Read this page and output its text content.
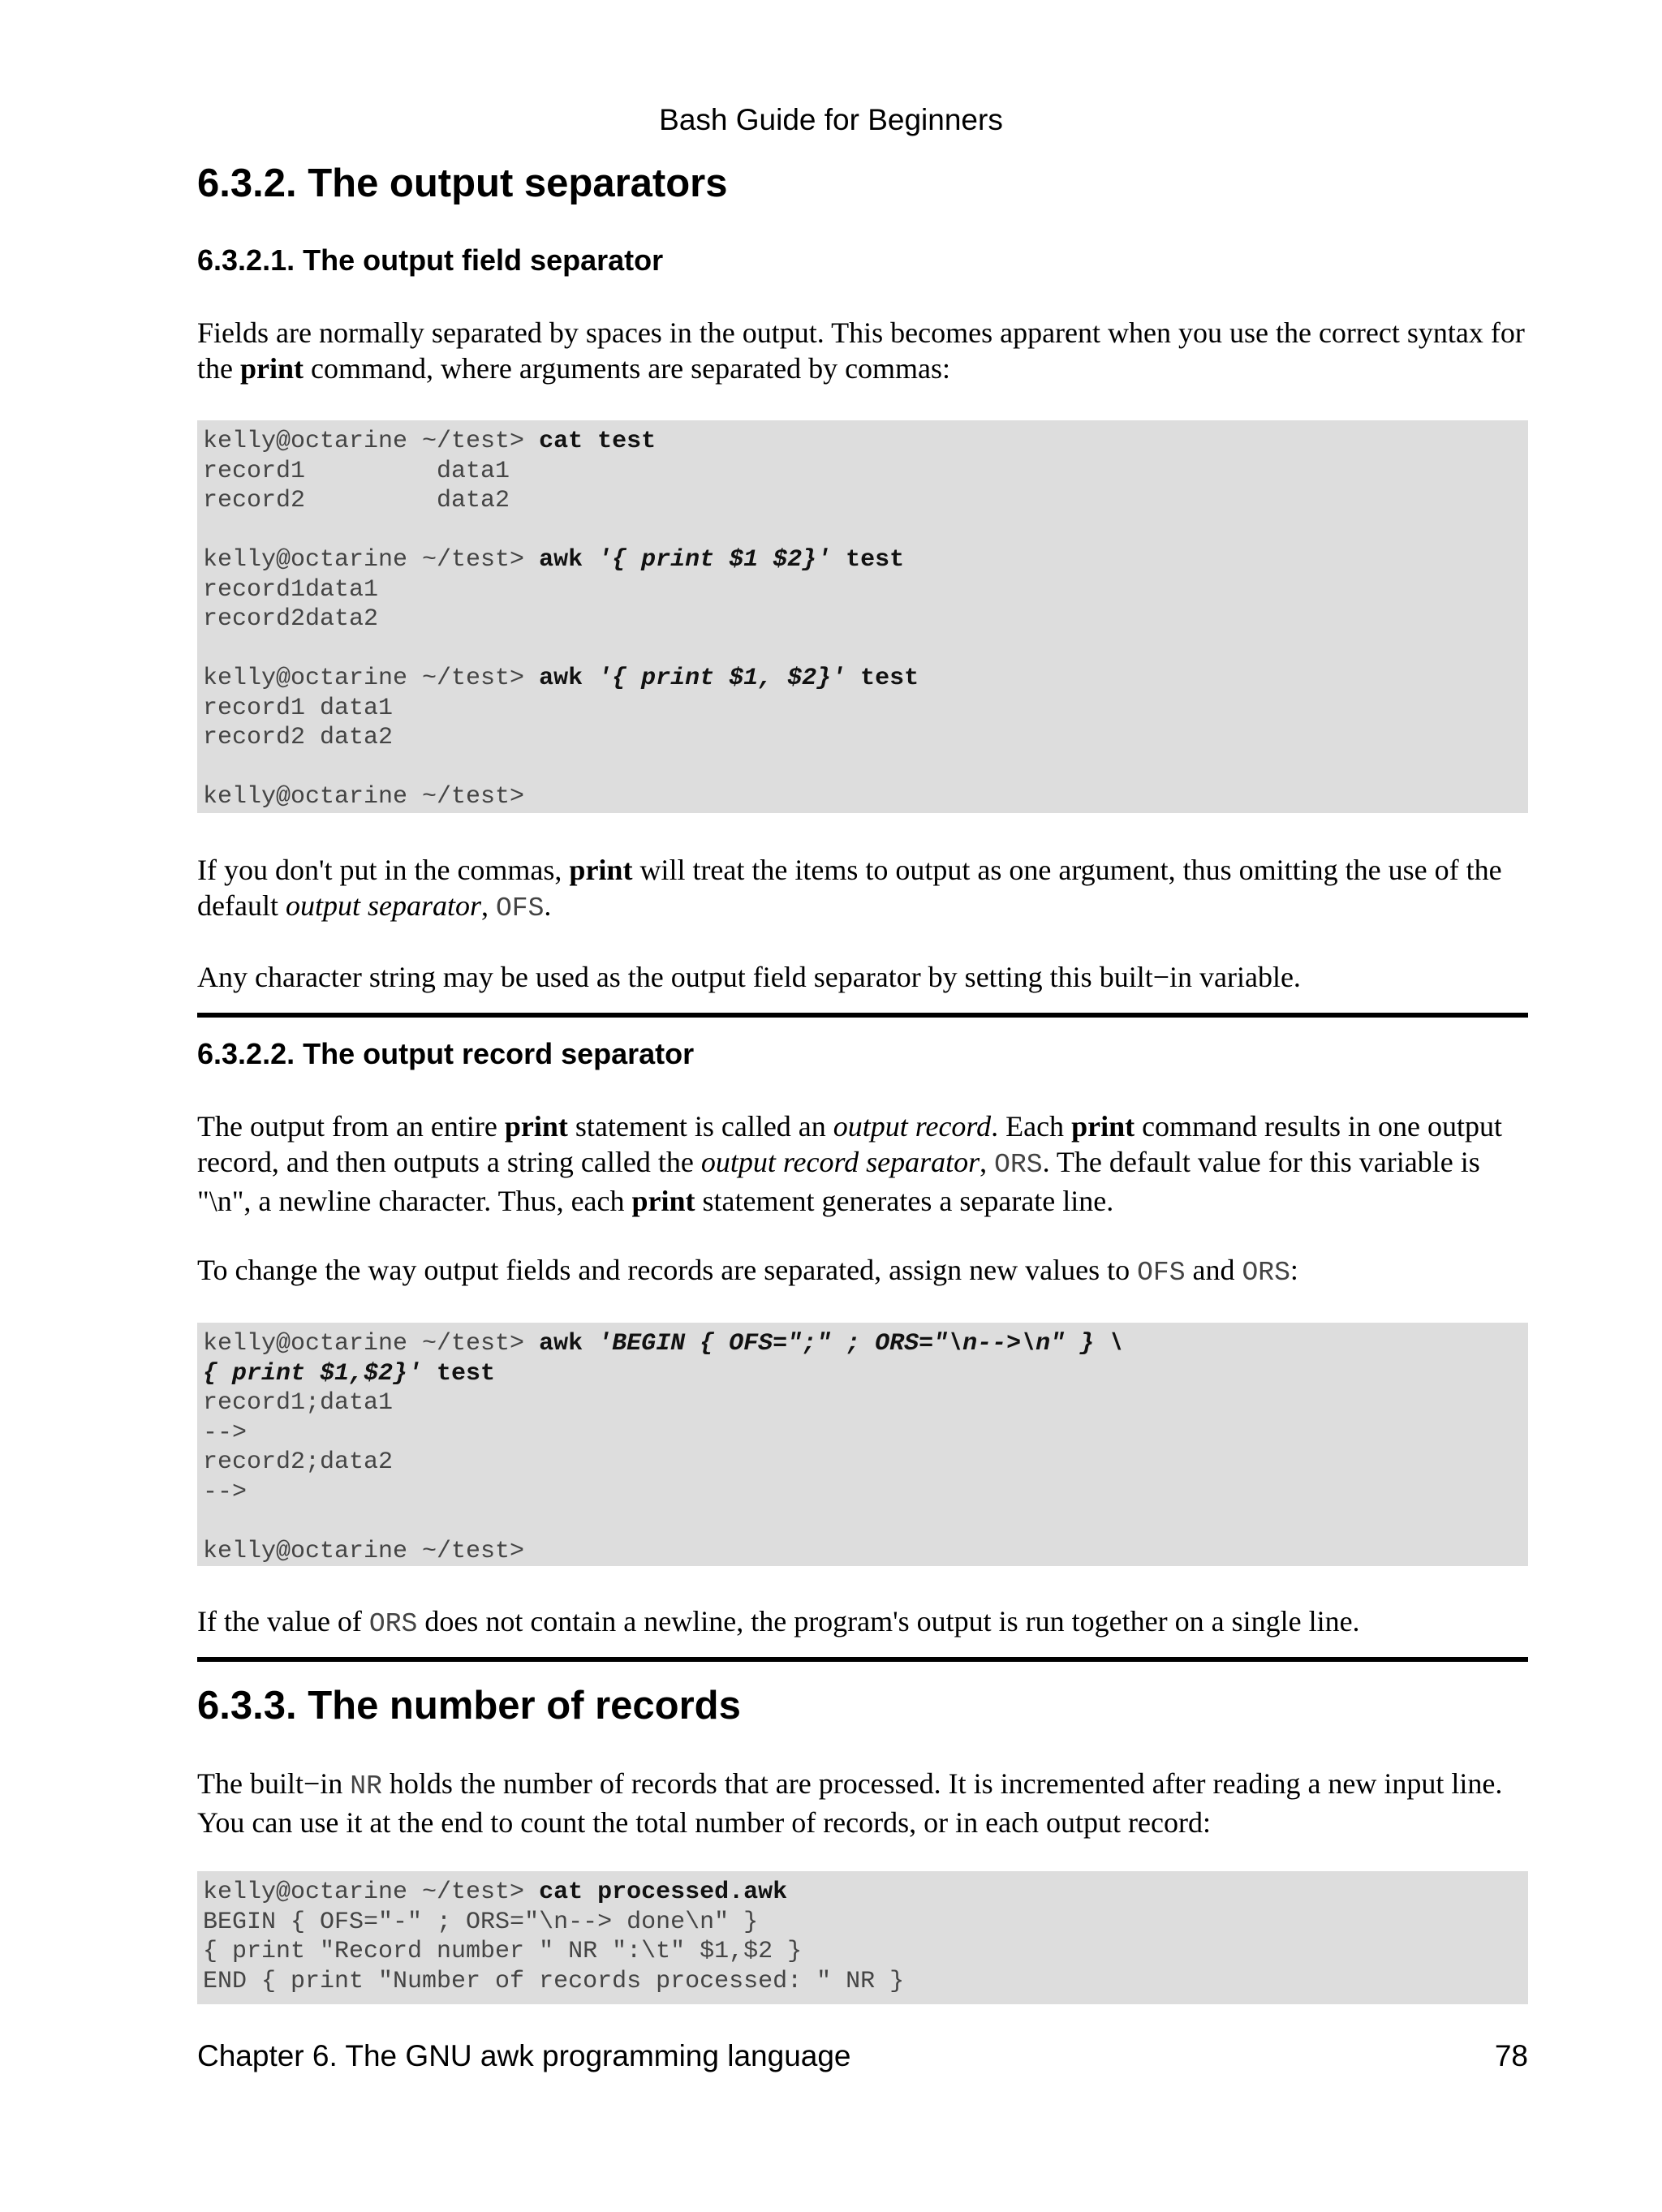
Bash Guide for Beginners
6.3.2. The output separators
6.3.2.1. The output field separator

Fields are normally separated by spaces in the output. This becomes apparent when you use the correct syntax for the print command, where arguments are separated by commas:

kelly@octarine ~/test> cat test
record1         data1
record2         data2
kelly@octarine ~/test> awk '{ print $1 $2}' test
record1data1
record2data2
kelly@octarine ~/test> awk '{ print $1, $2}' test
record1 data1
record2 data2
kelly@octarine ~/test>

If you don't put in the commas, print will treat the items to output as one argument, thus omitting the use of the default output separator, OFS.

Any character string may be used as the output field separator by setting this built−in variable.

6.3.2.2. The output record separator

The output from an entire print statement is called an output record. Each print command results in one output record, and then outputs a string called the output record separator, ORS. The default value for this variable is "\n", a newline character. Thus, each print statement generates a separate line.

To change the way output fields and records are separated, assign new values to OFS and ORS:

kelly@octarine ~/test> awk 'BEGIN { OFS=";" ; ORS="\n-->\n" } \
{ print $1,$2}' test
record1;data1
-->
record2;data2
-->
kelly@octarine ~/test>

If the value of ORS does not contain a newline, the program's output is run together on a single line.

6.3.3. The number of records

The built−in NR holds the number of records that are processed. It is incremented after reading a new input line. You can use it at the end to count the total number of records, or in each output record:

kelly@octarine ~/test> cat processed.awk
BEGIN { OFS="-" ; ORS="\n--> done\n" }
{ print "Record number " NR ":\t" $1,$2 }
END { print "Number of records processed: " NR }
Chapter 6. The GNU awk programming language	78
